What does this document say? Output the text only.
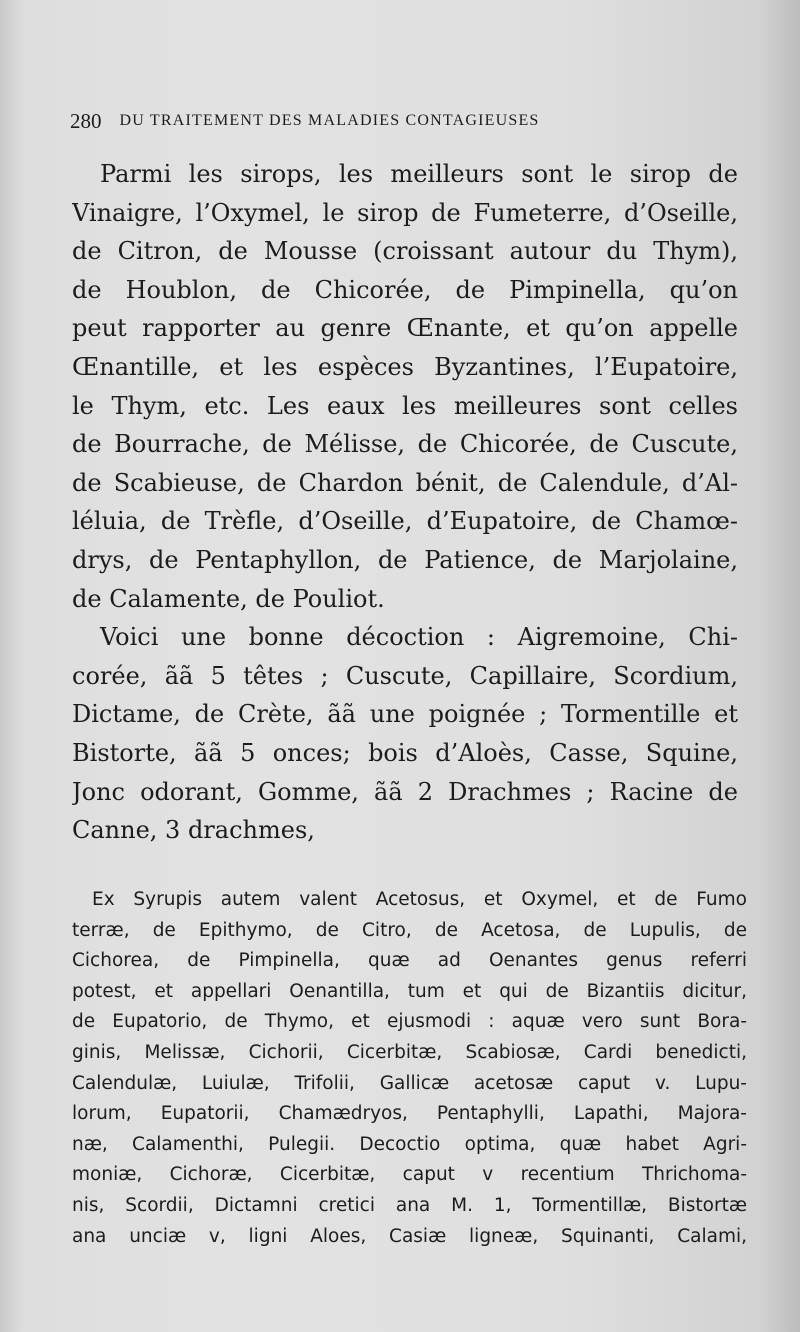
280 DU TRAITEMENT DES MALADIES CONTAGIEUSES
Parmi les sirops, les meilleurs sont le sirop de
Vinaigre, l’Oxymel, le sirop de Fumeterre, d’Oseille,
de Citron, de Mousse (croissant autour du Thym),
de Houblon, de Chicorée, de Pimpinella, qu’on
peut rapporter au genre Œnante, et qu’on appelle
Œnantille, et les espèces Byzantines, l’Eupatoire,
le Thym, etc. Les eaux les meilleures sont celles
de Bourrache, de Mélisse, de Chicorée, de Cuscute,
de Scabieuse, de Chardon bénit, de Calendule, d’Al-
léluia, de Trèfle, d’Oseille, d’Eupatoire, de Chamœ-
drys, de Pentaphyllon, de Patience, de Marjolaine,
de Calamente, de Pouliot.
Voici une bonne décoction : Aigremoine, Chi-
corée, ãã 5 têtes ; Cuscute, Capillaire, Scordium,
Dictame, de Crète, ãã une poignée ; Tormentille et
Bistorte, ãã 5 onces; bois d’Aloès, Casse, Squine,
Jonc odorant, Gomme, ãã 2 Drachmes ; Racine de
Canne, 3 drachmes,
Ex Syrupis autem valent Acetosus, et Oxymel, et de Fumo
terræ, de Epithymo, de Citro, de Acetosa, de Lupulis, de
Cichorea, de Pimpinella, quæ ad Oenantes genus referri
potest, et appellari Oenantilla, tum et qui de Bizantiis dicitur,
de Eupatorio, de Thymo, et ejusmodi : aquæ vero sunt Bora-
ginis, Melissæ, Cichorii, Cicerbitæ, Scabiosæ, Cardi benedicti,
Calendulæ, Luiulæ, Trifolii, Gallicæ acetosæ caput v. Lupu-
lorum, Eupatorii, Chamædryos, Pentaphylli, Lapathi, Majora-
næ, Calamenthi, Pulegii. Decoctio optima, quæ habet Agri-
moniæ, Cichoræ, Cicerbitæ, caput v recentium Thrichoma-
nis, Scordii, Dictamni cretici ana M. 1, Tormentillæ, Bistortæ
ana unciæ v, ligni Aloes, Casiæ ligneæ, Squinanti, Calami,
